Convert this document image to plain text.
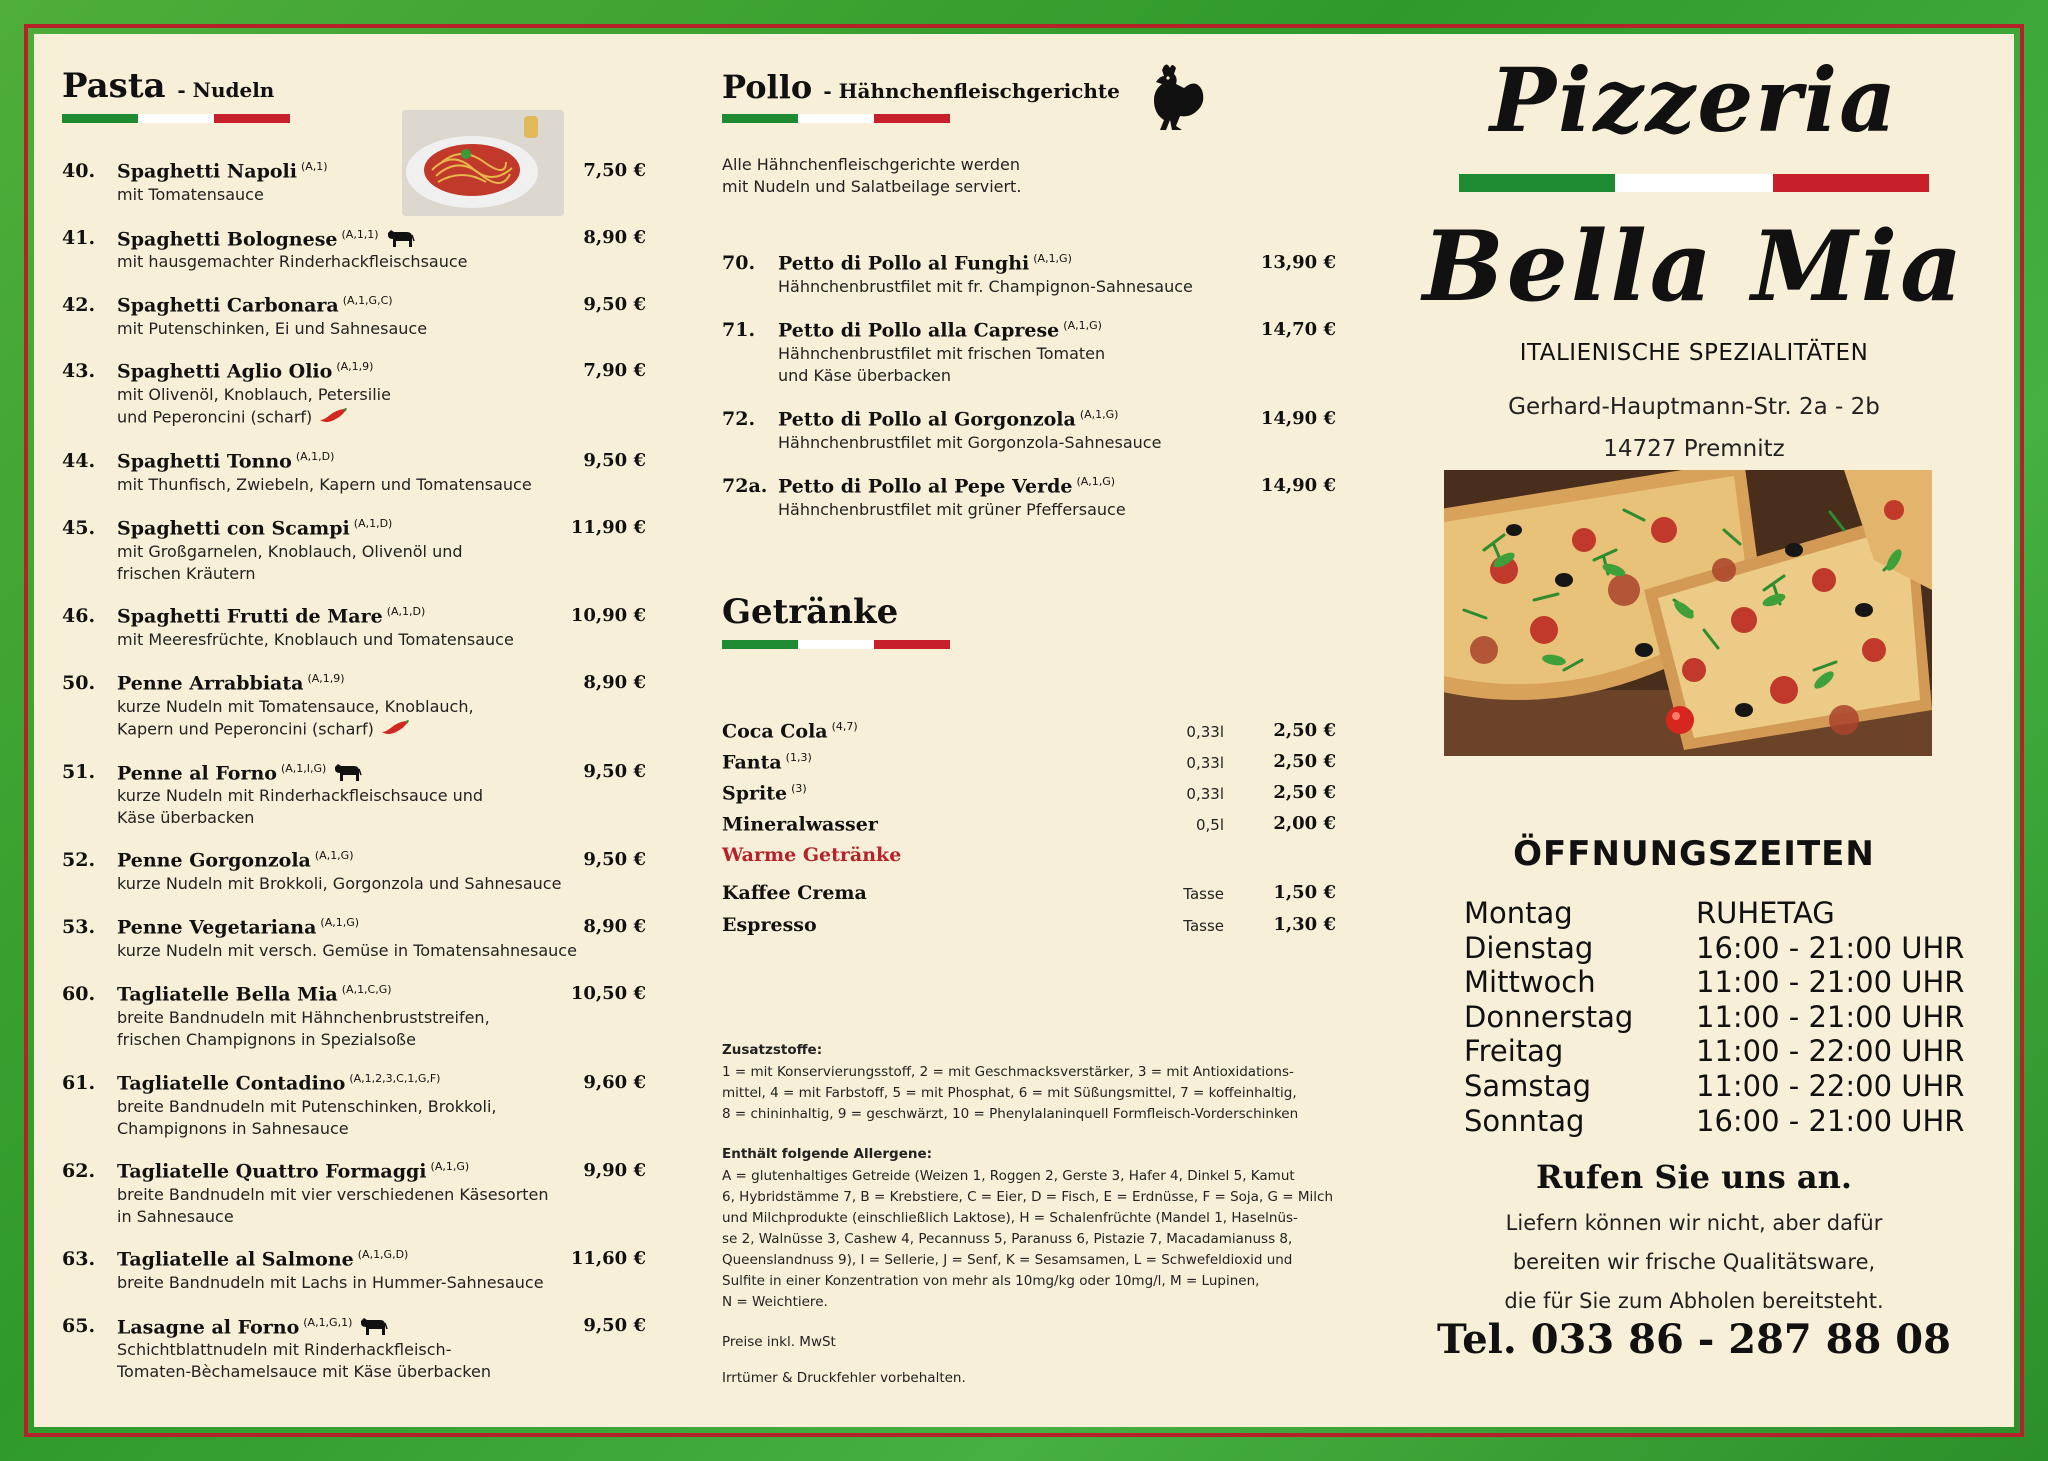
Pasta - Nudeln
40. Spaghetti Napoli $^{(A,1)}$
mit Tomatensauce
7,50 €
41. Spaghetti Bolognese $^{(A,1,1)}$
mit hausgemachter Rinderhackfleischsauce
8,90 €
42. Spaghetti Carbonara $^{(A,1,G,C)}$
mit Putenschinken, Ei und Sahnesauce
9,50 €
43. Spaghetti Aglio Olio $^{(A,1,9)}$
mit Olivenöl, Knoblauch, Petersilie
und Peperoncini (scharf)
7,90 €
44. Spaghetti Tonno $^{(A,1,D)}$
mit Thunfisch, Zwiebeln, Kapern und Tomatensauce
9,50 €
45. Spaghetti con Scampi $^{(A,1,D)}$
mit Großgarnelen, Knoblauch, Olivenöl und
frischen Kräutern
11,90 €
46. Spaghetti Frutti de Mare $^{(A,1,D)}$
mit Meeresfrüchte, Knoblauch und Tomatensauce
10,90 €
50. Penne Arrabbiata $^{(A,1,9)}$
kurze Nudeln mit Tomatensauce, Knoblauch,
Kapern und Peperoncini (scharf)
8,90 €
51. Penne al Forno $^{(A,1,I,G)}$
kurze Nudeln mit Rinderhackfleischsauce und
Käse überbacken
9,50 €
52. Penne Gorgonzola $^{(A,1,G)}$
kurze Nudeln mit Brokkoli, Gorgonzola und Sahnesauce
9,50 €
53. Penne Vegetariana $^{(A,1,G)}$
kurze Nudeln mit versch. Gemüse in Tomatensahnesauce
8,90 €
60. Tagliatelle Bella Mia $^{(A,1,C,G)}$
breite Bandnudeln mit Hähnchenbruststreifen,
frischen Champignons in Spezialsoße
10,50 €
61. Tagliatelle Contadino $^{(A,1,2,3,C,1,G,F)}$
breite Bandnudeln mit Putenschinken, Brokkoli,
Champignons in Sahnesauce
9,60 €
62. Tagliatelle Quattro Formaggi $^{(A,1,G)}$
breite Bandnudeln mit vier verschiedenen Käsesorten
in Sahnesauce
9,90 €
63. Tagliatelle al Salmone $^{(A,1,G,D)}$
breite Bandnudeln mit Lachs in Hummer-Sahnesauce
11,60 €
65. Lasagne al Forno $^{(A,1,G,1)}$
Schichtblattnudeln mit Rinderhackfleisch-
Tomaten-Bèchamelsauce mit Käse überbacken
9,50 €
Pollo - Hähnchenfleischgerichte
Alle Hähnchenfleischgerichte werden
mit Nudeln und Salatbeilage serviert.
70. Petto di Pollo al Funghi $^{(A,1,G)}$
Hähnchenbrustfilet mit fr. Champignon-Sahnesauce
13,90 €
71. Petto di Pollo alla Caprese $^{(A,1,G)}$
Hähnchenbrustfilet mit frischen Tomaten
und Käse überbacken
14,70 €
72. Petto di Pollo al Gorgonzola $^{(A,1,G)}$
Hähnchenbrustfilet mit Gorgonzola-Sahnesauce
14,90 €
72a. Petto di Pollo al Pepe Verde $^{(A,1,G)}$
Hähnchenbrustfilet mit grüner Pfeffersauce
14,90 €
Getränke
Coca Cola $^{(4,7)}$	0,33l	2,50 €
Fanta $^{(1,3)}$	0,33l	2,50 €
Sprite $^{(3)}$	0,33l	2,50 €
Mineralwasser	0,5l	2,00 €
Warme Getränke
Kaffee Crema	Tasse	1,50 €
Espresso	Tasse	1,30 €
Zusatzstoffe:
1 = mit Konservierungsstoff, 2 = mit Geschmacksverstärker, 3 = mit Antioxidations-
mittel, 4 = mit Farbstoff, 5 = mit Phosphat, 6 = mit Süßungsmittel, 7 = koffeinhaltig,
8 = chininhaltig, 9 = geschwärzt, 10 = Phenylalaninquell Formfleisch-Vorderschinken
Enthält folgende Allergene:
A = glutenhaltiges Getreide (Weizen 1, Roggen 2, Gerste 3, Hafer 4, Dinkel 5, Kamut
6, Hybridstämme 7, B = Krebstiere, C = Eier, D = Fisch, E = Erdnüsse, F = Soja, G = Milch
und Milchprodukte (einschließlich Laktose), H = Schalenfrüchte (Mandel 1, Haselnüs-
se 2, Walnüsse 3, Cashew 4, Pecannuss 5, Paranuss 6, Pistazie 7, Macadamianuss 8,
Queenslandnuss 9), I = Sellerie, J = Senf, K = Sesamsamen, L = Schwefeldioxid und
Sulfite in einer Konzentration von mehr als 10mg/kg oder 10mg/l, M = Lupinen,
N = Weichtiere.
Preise inkl. MwSt
Irrtümer & Druckfehler vorbehalten.
Pizzeria
Bella Mia
ITALIENISCHE SPEZIALITÄTEN
Gerhard-Hauptmann-Str. 2a - 2b
14727 Premnitz
ÖFFNUNGSZEITEN
Montag	RUHETAG
Dienstag	16:00 - 21:00 UHR
Mittwoch	11:00 - 21:00 UHR
Donnerstag 11:00 - 21:00 UHR
Freitag	11:00 - 22:00 UHR
Samstag	11:00 - 22:00 UHR
Sonntag	16:00 - 21:00 UHR
Rufen Sie uns an.
Liefern können wir nicht, aber dafür
bereiten wir frische Qualitätsware,
die für Sie zum Abholen bereitsteht.
Tel. 033 86 - 287 88 08
